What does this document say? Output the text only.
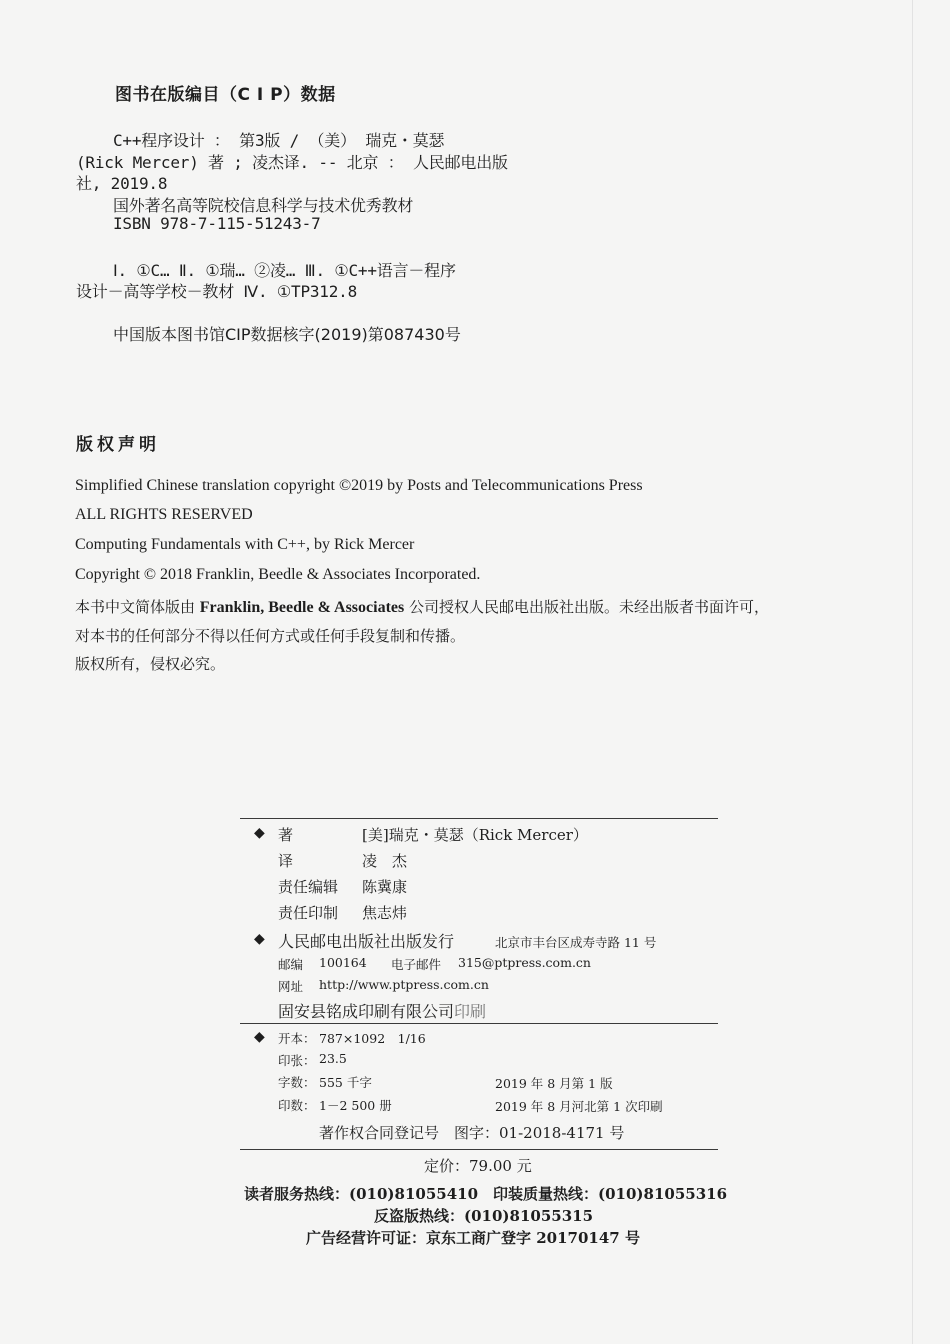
图书在版编目（C I P）数据
C++程序设计 ： 第3版 / （美） 瑞克・莫瑟
(Rick Mercer) 著 ; 凌杰译. -- 北京 ： 人民邮电出版
社, 2019.8
国外著名高等院校信息科学与技术优秀教材
ISBN 978-7-115-51243-7
Ⅰ. ①C… Ⅱ. ①瑞… ②凌… Ⅲ. ①C++语言－程序
设计－高等学校－教材 Ⅳ. ①TP312.8
中国版本图书馆CIP数据核字(2019)第087430号
版权声明
Simplified Chinese translation copyright ©2019 by Posts and Telecommunications Press
ALL RIGHTS RESERVED
Computing Fundamentals with C++, by Rick Mercer
Copyright © 2018 Franklin, Beedle & Associates Incorporated.
本书中文简体版由 Franklin, Beedle & Associates 公司授权人民邮电出版社出版。未经出版者书面许可，
对本书的任何部分不得以任何方式或任何手段复制和传播。
版权所有，侵权必究。
◆ 著	[美]瑞克・莫瑟（Rick Mercer）
译	凌　杰
责任编辑 陈冀康
责任印制 焦志炜
◆ 人民邮电出版社出版发行	北京市丰台区成寿寺路 11 号
邮编 100164 电子邮件 315@ptpress.com.cn
网址 http://www.ptpress.com.cn
固安县铭成印刷有限公司印刷
◆ 开本： 787×1092　1/16
印张： 23.5
字数： 555 千字	2019 年 8 月第 1 版
印数： 1－2 500 册	2019 年 8 月河北第 1 次印刷
著作权合同登记号　图字：01-2018-4171 号
定价：79.00 元
读者服务热线：(010)81055410　印装质量热线：(010)81055316
反盗版热线：(010)81055315
广告经营许可证：京东工商广登字 20170147 号
